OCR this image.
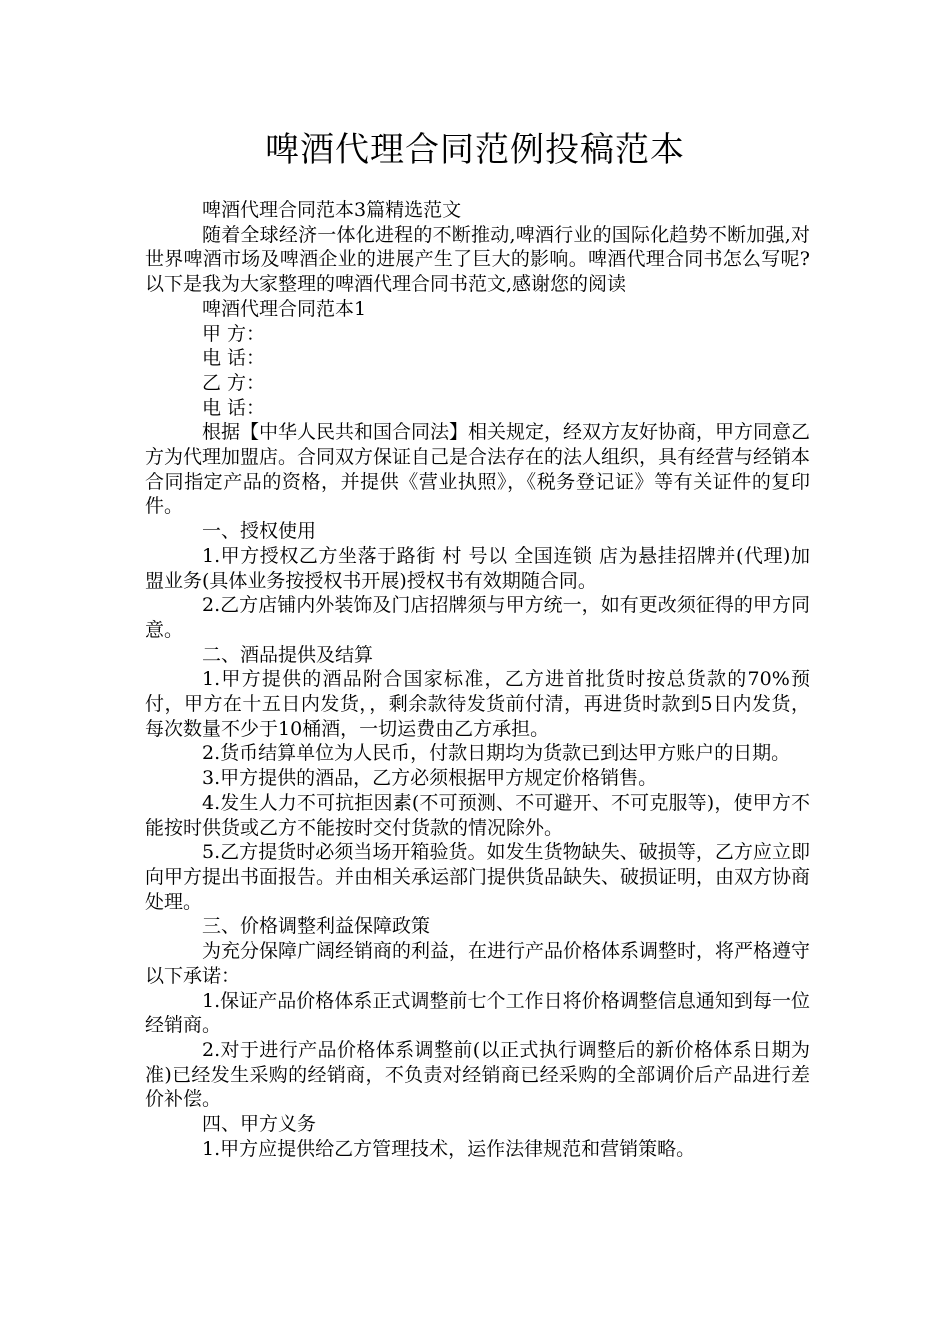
啤酒代理合同范例投稿范本

啤酒代理合同范本3篇精选范文

随着全球经济一体化进程的不断推动,啤酒行业的国际化趋势不断加强,对世界啤酒市场及啤酒企业的进展产生了巨大的影响。啤酒代理合同书怎么写呢?以下是我为大家整理的啤酒代理合同书范文,感谢您的阅读

啤酒代理合同范本1

甲 方：

电 话：

乙 方：

电 话：

根据【中华人民共和国合同法】相关规定，经双方友好协商，甲方同意乙方为代理加盟店。合同双方保证自己是合法存在的法人组织，具有经营与经销本合同指定产品的资格，并提供《营业执照》，《税务登记证》等有关证件的复印件。

一、授权使用

1.甲方授权乙方坐落于路街 村 号以 全国连锁 店为悬挂招牌并(代理)加盟业务(具体业务按授权书开展)授权书有效期随合同。

2.乙方店铺内外装饰及门店招牌须与甲方统一，如有更改须征得的甲方同意。

二、酒品提供及结算

1.甲方提供的酒品附合国家标准，乙方进首批货时按总货款的70%预付，甲方在十五日内发货，，剩余款待发货前付清，再进货时款到5日内发货，每次数量不少于10桶酒，一切运费由乙方承担。

2.货币结算单位为人民币，付款日期均为货款已到达甲方账户的日期。

3.甲方提供的酒品，乙方必须根据甲方规定价格销售。

4.发生人力不可抗拒因素(不可预测、不可避开、不可克服等)，使甲方不能按时供货或乙方不能按时交付货款的情况除外。

5.乙方提货时必须当场开箱验货。如发生货物缺失、破损等，乙方应立即向甲方提出书面报告。并由相关承运部门提供货品缺失、破损证明，由双方协商处理。

三、价格调整利益保障政策

为充分保障广阔经销商的利益，在进行产品价格体系调整时，将严格遵守以下承诺：

1.保证产品价格体系正式调整前七个工作日将价格调整信息通知到每一位经销商。

2.对于进行产品价格体系调整前(以正式执行调整后的新价格体系日期为准)已经发生采购的经销商，不负责对经销商已经采购的全部调价后产品进行差价补偿。

四、甲方义务

1.甲方应提供给乙方管理技术，运作法律规范和营销策略。
